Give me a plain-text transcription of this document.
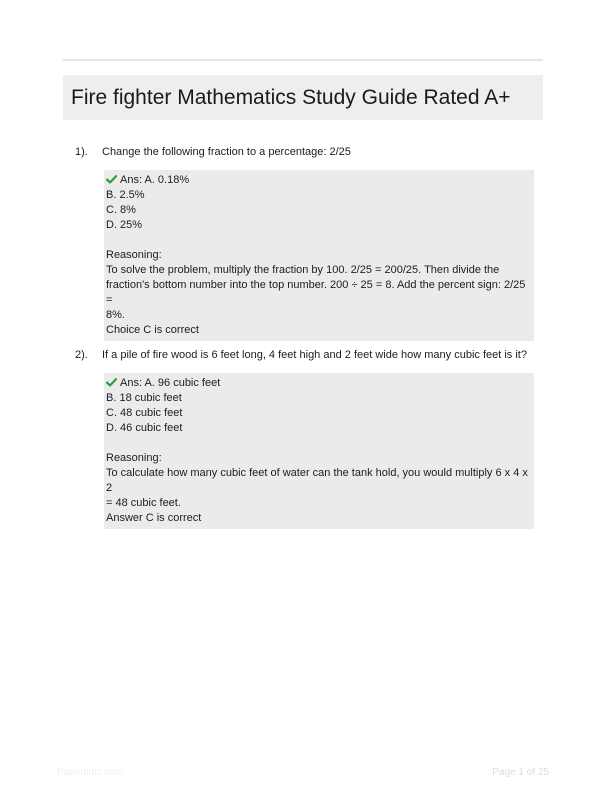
Fire fighter Mathematics Study Guide Rated A+
1). Change the following fraction to a percentage: 2/25
Ans: A. 0.18%
B. 2.5%
C. 8%
D. 25%
Reasoning:
To solve the problem, multiply the fraction by 100. 2/25 = 200/25. Then divide the
fraction's bottom number into the top number. 200 ÷ 25 = 8. Add the percent sign: 2/25 =
8%.
Choice C is correct
2). If a pile of fire wood is 6 feet long, 4 feet high and 2 feet wide how many cubic feet is it?
Ans: A. 96 cubic feet
B. 18 cubic feet
C. 48 cubic feet
D. 46 cubic feet
Reasoning:
To calculate how many cubic feet of water can the tank hold, you would multiply 6 x 4 x 2
= 48 cubic feet.
Answer C is correct
Papertidic.com	Page 1 of 25
